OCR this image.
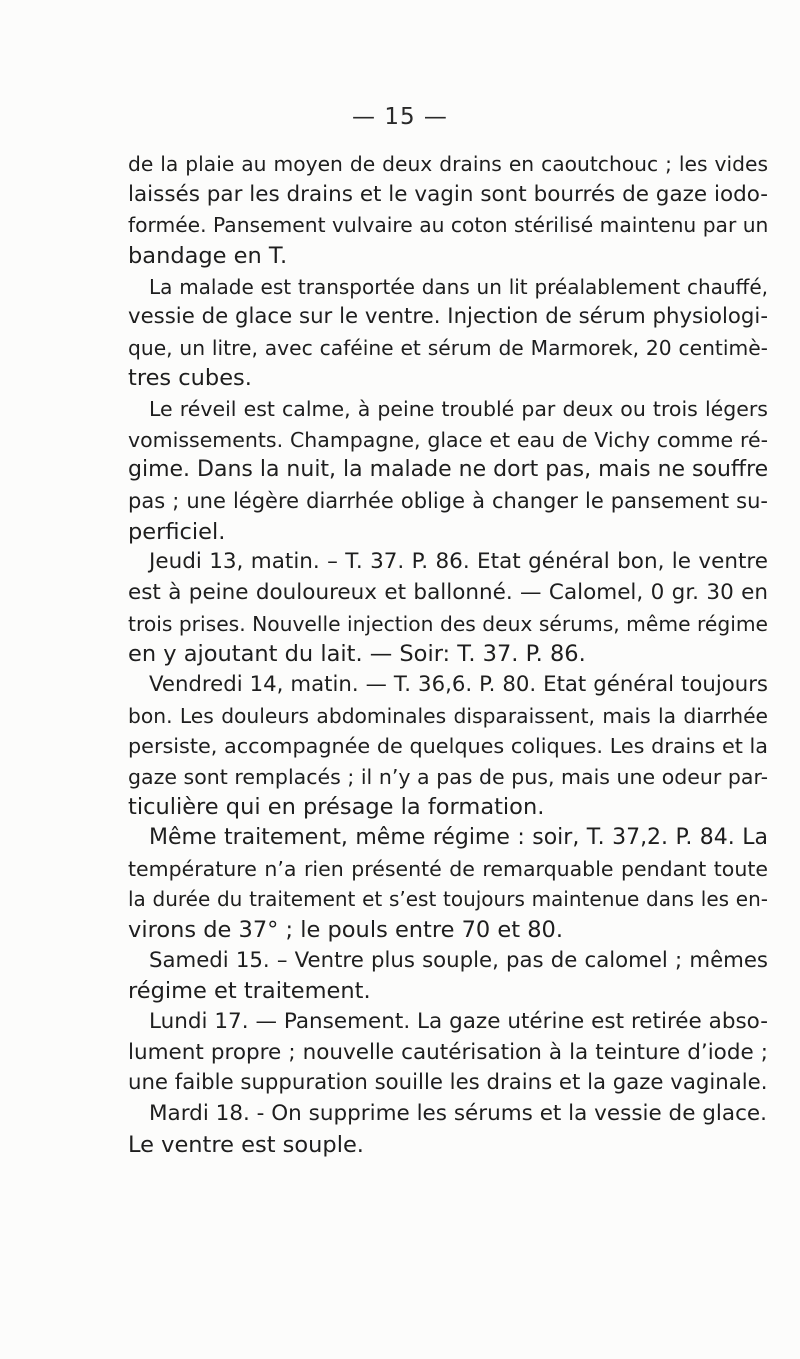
— 15 —
de la plaie au moyen de deux drains en caoutchouc ; les vides
laissés par les drains et le vagin sont bourrés de gaze iodo-
formée. Pansement vulvaire au coton stérilisé maintenu par un
bandage en T.
La malade est transportée dans un lit préalablement chauffé,
vessie de glace sur le ventre. Injection de sérum physiologi-
que, un litre, avec caféine et sérum de Marmorek, 20 centimè-
tres cubes.
Le réveil est calme, à peine troublé par deux ou trois légers
vomissements. Champagne, glace et eau de Vichy comme ré-
gime. Dans la nuit, la malade ne dort pas, mais ne souffre
pas ; une légère diarrhée oblige à changer le pansement su-
perficiel.
Jeudi 13, matin. – T. 37. P. 86. Etat général bon, le ventre
est à peine douloureux et ballonné. — Calomel, 0 gr. 30 en
trois prises. Nouvelle injection des deux sérums, même régime
en y ajoutant du lait. — Soir: T. 37. P. 86.
Vendredi 14, matin. — T. 36,6. P. 80. Etat général toujours
bon. Les douleurs abdominales disparaissent, mais la diarrhée
persiste, accompagnée de quelques coliques. Les drains et la
gaze sont remplacés ; il n’y a pas de pus, mais une odeur par-
ticulière qui en présage la formation.
Même traitement, même régime : soir, T. 37,2. P. 84. La
température n’a rien présenté de remarquable pendant toute
la durée du traitement et s’est toujours maintenue dans les en-
virons de 37° ; le pouls entre 70 et 80.
Samedi 15. – Ventre plus souple, pas de calomel ; mêmes
régime et traitement.
Lundi 17. — Pansement. La gaze utérine est retirée abso-
lument propre ; nouvelle cautérisation à la teinture d’iode ;
une faible suppuration souille les drains et la gaze vaginale.
Mardi 18. - On supprime les sérums et la vessie de glace.
Le ventre est souple.
